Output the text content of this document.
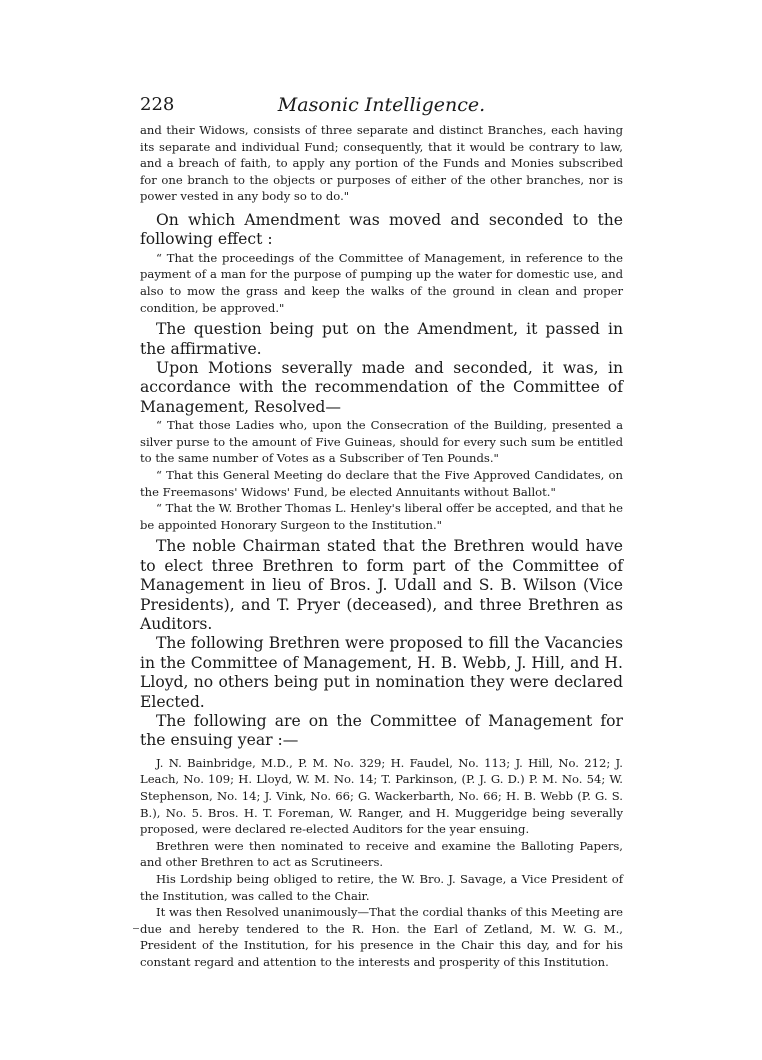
228	Masonic Intelligence.

and their Widows, consists of three separate and distinct Branches, each having its separate and individual Fund; consequently, that it would be contrary to law, and a breach of faith, to apply any portion of the Funds and Monies subscribed for one branch to the objects or purposes of either of the other branches, nor is power vested in any body so to do."

On which Amendment was moved and seconded to the following effect :

“ That the proceedings of the Committee of Management, in reference to the payment of a man for the purpose of pumping up the water for domestic use, and also to mow the grass and keep the walks of the ground in clean and proper condition, be approved."

The question being put on the Amendment, it passed in the affirmative.

Upon Motions severally made and seconded, it was, in accordance with the recommendation of the Committee of Management, Resolved—

“ That those Ladies who, upon the Consecration of the Building, presented a silver purse to the amount of Five Guineas, should for every such sum be entitled to the same number of Votes as a Subscriber of Ten Pounds."

“ That this General Meeting do declare that the Five Approved Candidates, on the Freemasons' Widows' Fund, be elected Annuitants without Ballot."

“ That the W. Brother Thomas L. Henley's liberal offer be accepted, and that he be appointed Honorary Surgeon to the Institution."

The noble Chairman stated that the Brethren would have to elect three Brethren to form part of the Committee of Management in lieu of Bros. J. Udall and S. B. Wilson (Vice Presidents), and T. Pryer (deceased), and three Brethren as Auditors.

The following Brethren were proposed to fill the Vacancies in the Committee of Management, H. B. Webb, J. Hill, and H. Lloyd, no others being put in nomination they were declared Elected.

The following are on the Committee of Management for the ensuing year :—

J. N. Bainbridge, M.D., P. M. No. 329; H. Faudel, No. 113; J. Hill, No. 212; J. Leach, No. 109; H. Lloyd, W. M. No. 14; T. Parkinson, (P. J. G. D.) P. M. No. 54; W. Stephenson, No. 14; J. Vink, No. 66; G. Wackerbarth, No. 66; H. B. Webb (P. G. S. B.), No. 5. Bros. H. T. Foreman, W. Ranger, and H. Muggeridge being severally proposed, were declared re-elected Auditors for the year ensuing.

Brethren were then nominated to receive and examine the Balloting Papers, and other Brethren to act as Scrutineers.

His Lordship being obliged to retire, the W. Bro. J. Savage, a Vice President of the Institution, was called to the Chair.

It was then Resolved unanimously—That the cordial thanks of this Meeting are due and hereby tendered to the R. Hon. the Earl of Zetland, M. W. G. M., President of the Institution, for his presence in the Chair this day, and for his constant regard and attention to the interests and prosperity of this Institution.
